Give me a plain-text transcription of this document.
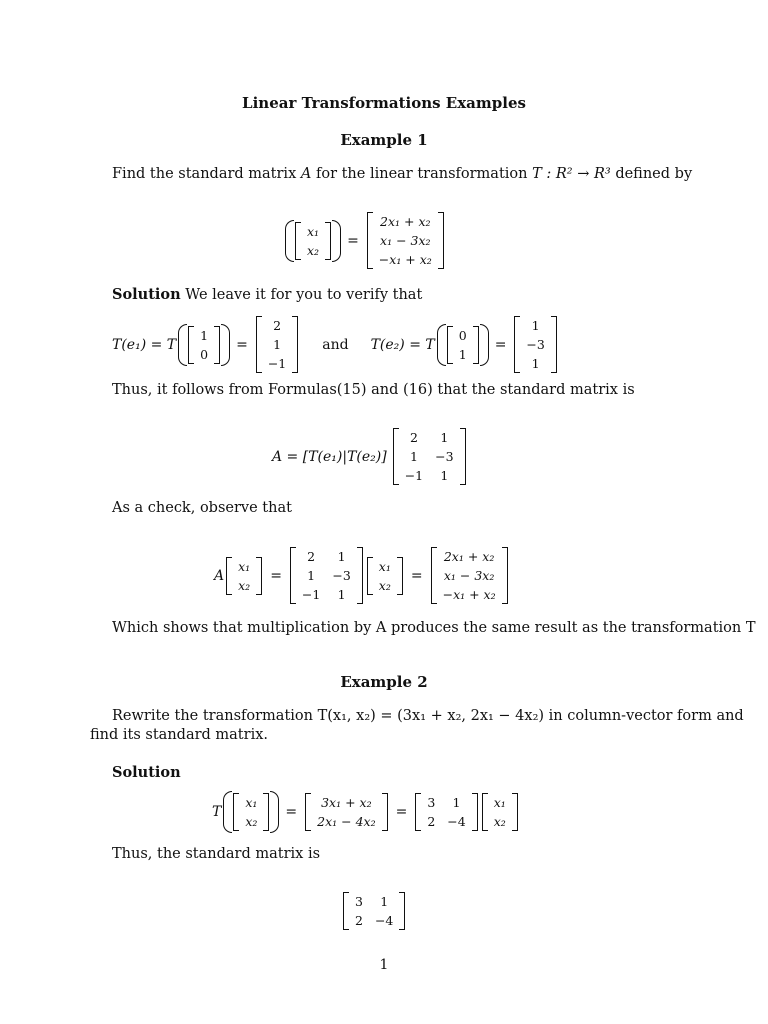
Linear Transformations Examples
Example 1
Find the standard matrix A for the linear transformation T : R² → R³ defined by
x₁
x₂
=
2x₁ + x₂
x₁ − 3x₂
−x₁ + x₂
Solution We leave it for you to verify that
T(e₁) = T
1
0
=
2
1
−1
and T(e₂) = T
0
1
=
1
−3
1
Thus, it follows from Formulas(15) and (16) that the standard matrix is
A = [T(e₁)|T(e₂)]
2	1
1	−3
−1	1
As a check, observe that
A
x₁
x₂
=
2	1
1	−3
−1	1
x₁
x₂
=
2x₁ + x₂
x₁ − 3x₂
−x₁ + x₂
Which shows that multiplication by A produces the same result as the transformation T
Example 2
Rewrite the transformation T(x₁, x₂) = (3x₁ + x₂, 2x₁ − 4x₂) in column-vector form and
find its standard matrix.
Solution
T
x₁
x₂
=
3x₁ + x₂
2x₁ − 4x₂
=
3	1
2	−4
x₁
x₂
Thus, the standard matrix is
3	1
2	−4
1
